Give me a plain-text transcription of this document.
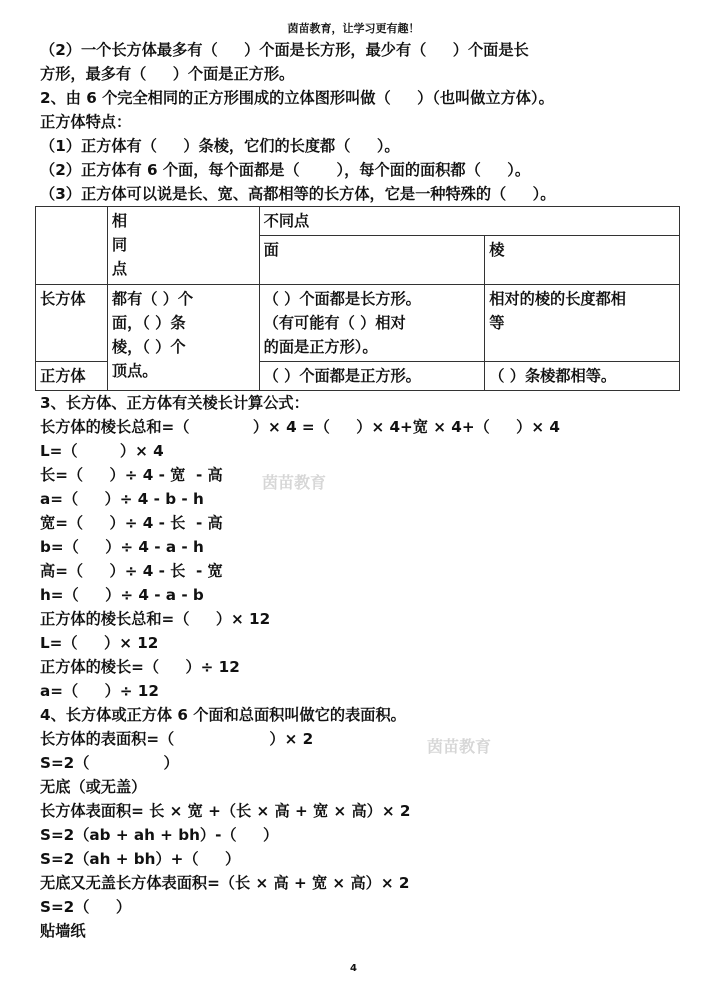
茵苗教育，让学习更有趣！
茵苗教育
茵苗教育
（2）一个长方体最多有（     ）个面是长方形，最少有（     ）个面是长
方形，最多有（     ）个面是正方形。
2、由 6 个完全相同的正方形围成的立体图形叫做（     ）（也叫做立方体）。
正方体特点：
（1）正方体有（     ）条棱，它们的长度都（     ）。
（2）正方体有 6 个面，每个面都是（       ），每个面的面积都（     ）。
（3）正方体可以说是长、宽、高都相等的长方体，它是一种特殊的（     ）。
	相
同
点	不同点	
		面	棱
长方体	都有（ ）个
面，（ ）条
棱，（ ）个
顶点。	（ ）个面都是长方形。
（有可能有（ ）相对
的面是正方形）。	相对的棱的长度都相
等
正方体		（ ）个面都是正方形。	（ ）条棱都相等。
3、长方体、正方体有关棱长计算公式：
长方体的棱长总和=（            ）× 4 =（     ）× 4+宽 × 4+（     ）× 4
L=（        ）× 4
长=（     ）÷ 4 - 宽  - 高
a=（     ）÷ 4 - b - h
宽=（     ）÷ 4 - 长  - 高
b=（     ）÷ 4 - a - h
高=（     ）÷ 4 - 长  - 宽
h=（     ）÷ 4 - a - b
正方体的棱长总和=（     ）× 12
L=（     ）× 12
正方体的棱长=（     ）÷ 12
a=（     ）÷ 12
4、长方体或正方体 6 个面和总面积叫做它的表面积。
长方体的表面积=（                  ）× 2
S=2（              ）
无底（或无盖）
长方体表面积= 长 × 宽 +（长 × 高 + 宽 × 高）× 2
S=2（ab + ah + bh）-（     ）
S=2（ah + bh）+（     ）
无底又无盖长方体表面积=（长 × 高 + 宽 × 高）× 2
S=2（     ）
贴墙纸
4
